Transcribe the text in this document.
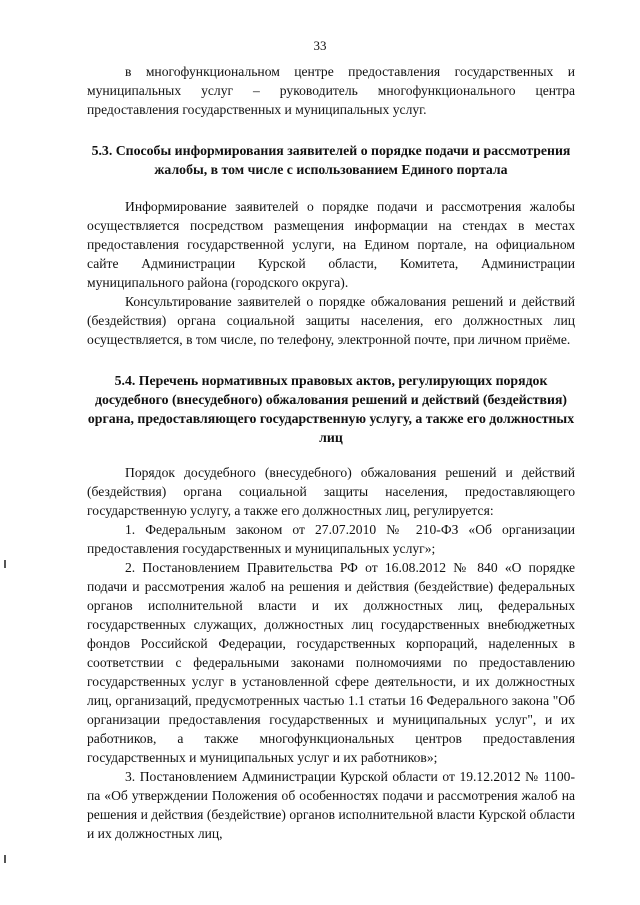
33

в многофункциональном центре предоставления государственных и муниципальных услуг – руководитель многофункционального центра предоставления государственных и муниципальных услуг.

5.3. Способы информирования заявителей о порядке подачи и рассмотрения жалобы, в том числе с использованием Единого портала

Информирование заявителей о порядке подачи и рассмотрения жалобы осуществляется посредством размещения информации на стендах в местах предоставления государственной услуги, на Едином портале, на официальном сайте Администрации Курской области, Комитета, Администрации муниципального района (городского округа).

Консультирование заявителей о порядке обжалования решений и действий (бездействия) органа социальной защиты населения, его должностных лиц осуществляется, в том числе, по телефону, электронной почте, при личном приёме.

5.4. Перечень нормативных правовых актов, регулирующих порядок досудебного (внесудебного) обжалования решений и действий (бездействия) органа, предоставляющего государственную услугу, а также его должностных лиц

Порядок досудебного (внесудебного) обжалования решений и действий (бездействия) органа социальной защиты населения, предоставляющего государственную услугу, а также его должностных лиц, регулируется:

1. Федеральным законом от 27.07.2010 № 210-ФЗ «Об организации предоставления государственных и муниципальных услуг»;

2. Постановлением Правительства РФ от 16.08.2012 № 840 «О порядке подачи и рассмотрения жалоб на решения и действия (бездействие) федеральных органов исполнительной власти и их должностных лиц, федеральных государственных служащих, должностных лиц государственных внебюджетных фондов Российской Федерации, государственных корпораций, наделенных в соответствии с федеральными законами полномочиями по предоставлению государственных услуг в установленной сфере деятельности, и их должностных лиц, организаций, предусмотренных частью 1.1 статьи 16 Федерального закона "Об организации предоставления государственных и муниципальных услуг", и их работников, а также многофункциональных центров предоставления государственных и муниципальных услуг и их работников»;

3. Постановлением Администрации Курской области от 19.12.2012 № 1100-па «Об утверждении Положения об особенностях подачи и рассмотрения жалоб на решения и действия (бездействие) органов исполнительной власти Курской области и их должностных лиц,
